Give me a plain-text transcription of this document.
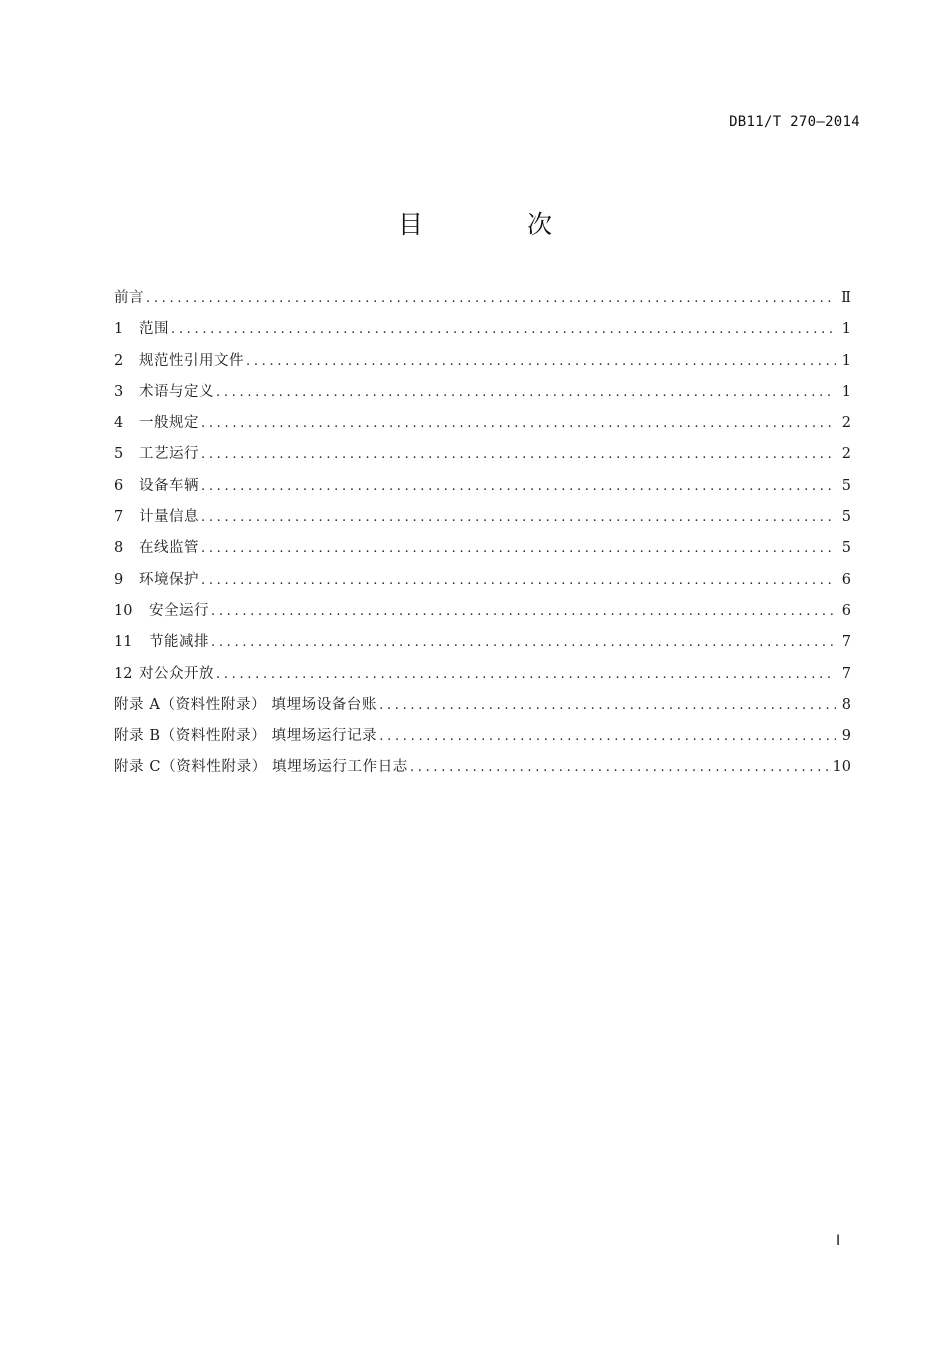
DB11/T 270—2014
目 次
前言 .....	Ⅱ
1	范围 .....	1
2	规范性引用文件 .....	1
3	术语与定义 .....	1
4	一般规定 .....	2
5	工艺运行 .....	2
6	设备车辆 .....	5
7	计量信息 .....	5
8	在线监管 .....	5
9	环境保护 .....	6
10	安全运行 .....	6
11	节能减排 .....	7
12 对公众开放 .....	7
附录 A（资料性附录） 填埋场设备台账 .....	8
附录 B（资料性附录） 填埋场运行记录 .....	9
附录 C（资料性附录） 填埋场运行工作日志 .....	10
I
